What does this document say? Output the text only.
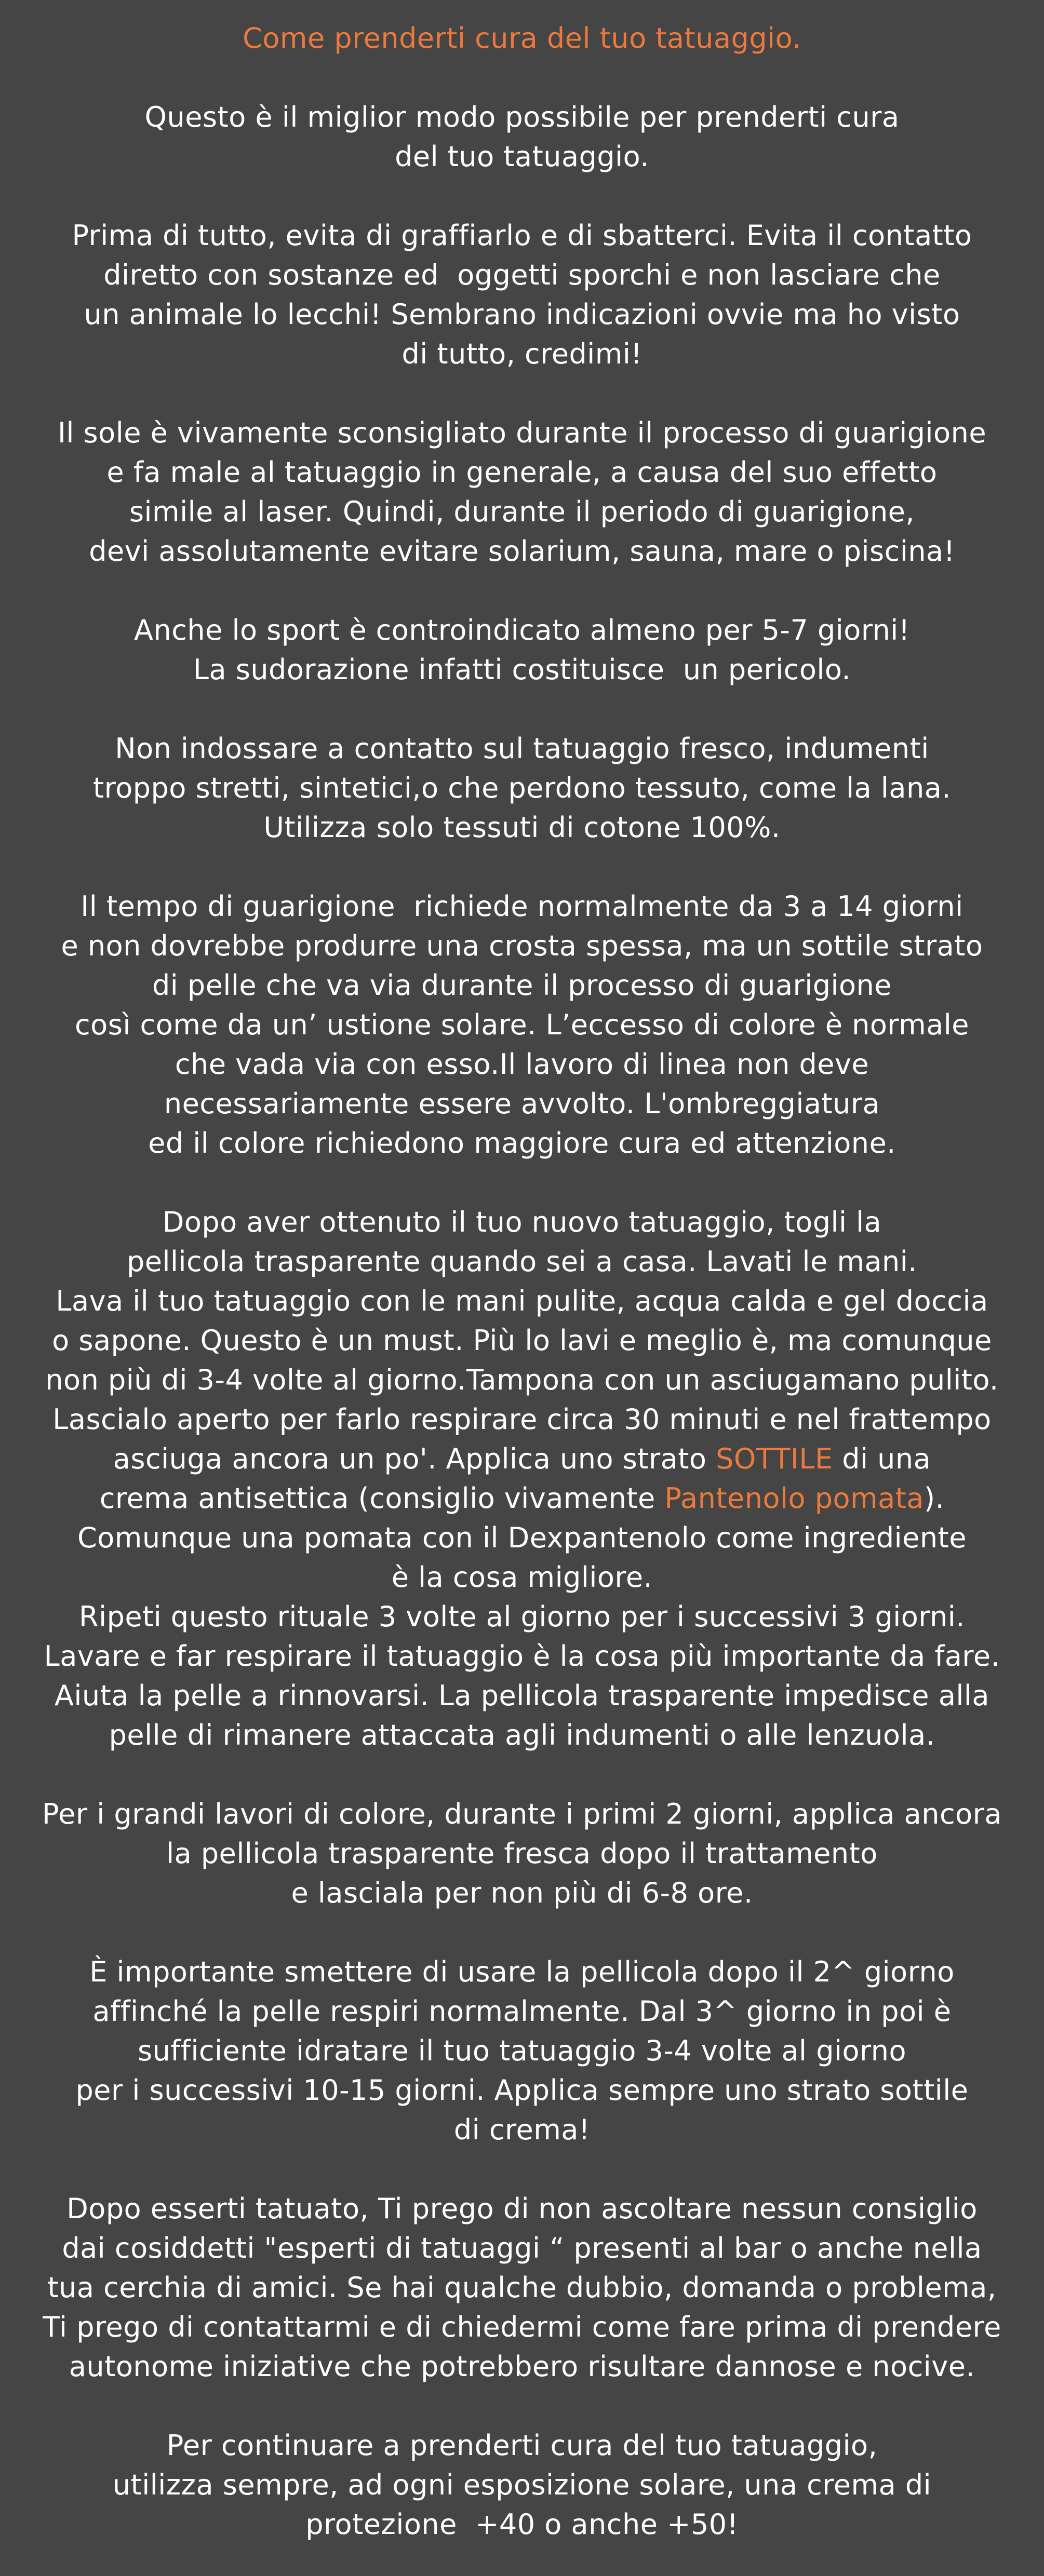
Come prenderti cura del tuo tatuaggio.
Questo è il miglior modo possibile per prenderti cura
del tuo tatuaggio.
Prima di tutto, evita di graffiarlo e di sbatterci. Evita il contatto
diretto con sostanze ed  oggetti sporchi e non lasciare che
un animale lo lecchi! Sembrano indicazioni ovvie ma ho visto
di tutto, credimi!
Il sole è vivamente sconsigliato durante il processo di guarigione
e fa male al tatuaggio in generale, a causa del suo effetto
simile al laser. Quindi, durante il periodo di guarigione,
devi assolutamente evitare solarium, sauna, mare o piscina!
Anche lo sport è controindicato almeno per 5-7 giorni!
La sudorazione infatti costituisce  un pericolo.
Non indossare a contatto sul tatuaggio fresco, indumenti
troppo stretti, sintetici,o che perdono tessuto, come la lana.
Utilizza solo tessuti di cotone 100%.
Il tempo di guarigione  richiede normalmente da 3 a 14 giorni
e non dovrebbe produrre una crosta spessa, ma un sottile strato
di pelle che va via durante il processo di guarigione
così come da un’ ustione solare. L’eccesso di colore è normale
che vada via con esso.Il lavoro di linea non deve
necessariamente essere avvolto. L'ombreggiatura
ed il colore richiedono maggiore cura ed attenzione.
Dopo aver ottenuto il tuo nuovo tatuaggio, togli la
pellicola trasparente quando sei a casa. Lavati le mani.
Lava il tuo tatuaggio con le mani pulite, acqua calda e gel doccia
o sapone. Questo è un must. Più lo lavi e meglio è, ma comunque
non più di 3-4 volte al giorno.Tampona con un asciugamano pulito.
Lascialo aperto per farlo respirare circa 30 minuti e nel frattempo
asciuga ancora un po'. Applica uno strato SOTTILE di una
crema antisettica (consiglio vivamente Pantenolo pomata).
Comunque una pomata con il Dexpantenolo come ingrediente
è la cosa migliore.
Ripeti questo rituale 3 volte al giorno per i successivi 3 giorni.
Lavare e far respirare il tatuaggio è la cosa più importante da fare.
Aiuta la pelle a rinnovarsi. La pellicola trasparente impedisce alla
pelle di rimanere attaccata agli indumenti o alle lenzuola.
Per i grandi lavori di colore, durante i primi 2 giorni, applica ancora
la pellicola trasparente fresca dopo il trattamento
e lasciala per non più di 6-8 ore.
È importante smettere di usare la pellicola dopo il 2^ giorno
affinché la pelle respiri normalmente. Dal 3^ giorno in poi è
sufficiente idratare il tuo tatuaggio 3-4 volte al giorno
per i successivi 10-15 giorni. Applica sempre uno strato sottile
di crema!
Dopo esserti tatuato, Ti prego di non ascoltare nessun consiglio
dai cosiddetti "esperti di tatuaggi “ presenti al bar o anche nella
tua cerchia di amici. Se hai qualche dubbio, domanda o problema,
Ti prego di contattarmi e di chiedermi come fare prima di prendere
autonome iniziative che potrebbero risultare dannose e nocive.
Per continuare a prenderti cura del tuo tatuaggio,
utilizza sempre, ad ogni esposizione solare, una crema di
protezione  +40 o anche +50!
